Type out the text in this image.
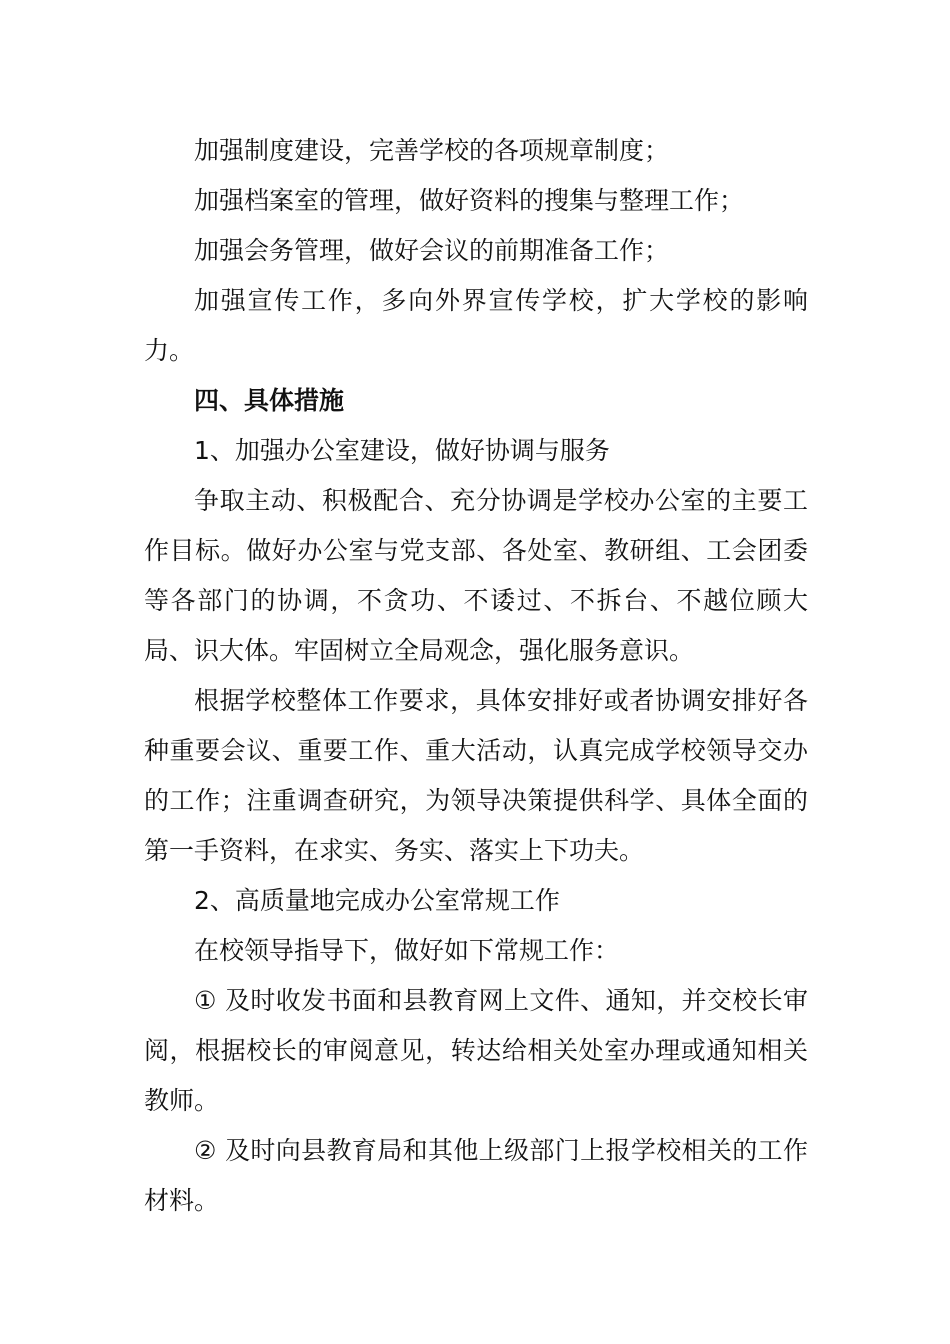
加强制度建设，完善学校的各项规章制度；

加强档案室的管理，做好资料的搜集与整理工作；

加强会务管理，做好会议的前期准备工作；

加强宣传工作，多向外界宣传学校，扩大学校的影响力。

四、具体措施

1、加强办公室建设，做好协调与服务

争取主动、积极配合、充分协调是学校办公室的主要工作目标。做好办公室与党支部、各处室、教研组、工会团委等各部门的协调，不贪功、不诿过、不拆台、不越位顾大局、识大体。牢固树立全局观念，强化服务意识。

根据学校整体工作要求，具体安排好或者协调安排好各种重要会议、重要工作、重大活动，认真完成学校领导交办的工作；注重调查研究，为领导决策提供科学、具体全面的第一手资料，在求实、务实、落实上下功夫。

2、高质量地完成办公室常规工作

在校领导指导下，做好如下常规工作：

① 及时收发书面和县教育网上文件、通知，并交校长审阅，根据校长的审阅意见，转达给相关处室办理或通知相关教师。

② 及时向县教育局和其他上级部门上报学校相关的工作材料。
